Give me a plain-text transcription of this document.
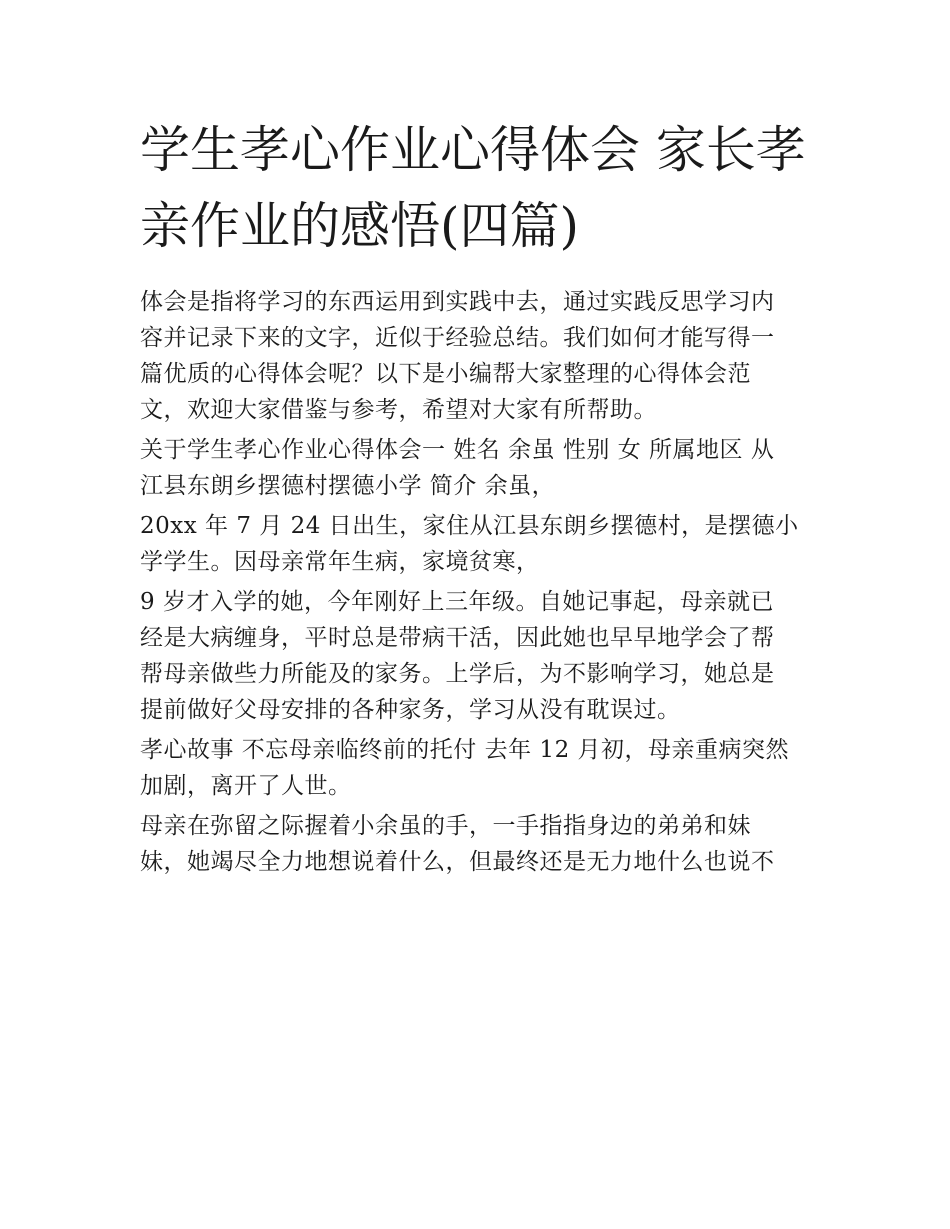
学生孝心作业心得体会 家长孝
亲作业的感悟(四篇)

体会是指将学习的东西运用到实践中去，通过实践反思学习内
容并记录下来的文字，近似于经验总结。我们如何才能写得一
篇优质的心得体会呢？以下是小编帮大家整理的心得体会范
文，欢迎大家借鉴与参考，希望对大家有所帮助。

关于学生孝心作业心得体会一 姓名 余虽 性别 女 所属地区 从
江县东朗乡摆德村摆德小学 简介 余虽，

20xx 年 7 月 24 日出生，家住从江县东朗乡摆德村，是摆德小
学学生。因母亲常年生病，家境贫寒，

9 岁才入学的她，今年刚好上三年级。自她记事起，母亲就已
经是大病缠身，平时总是带病干活，因此她也早早地学会了帮
帮母亲做些力所能及的家务。上学后，为不影响学习，她总是
提前做好父母安排的各种家务，学习从没有耽误过。

孝心故事 不忘母亲临终前的托付 去年 12 月初，母亲重病突然
加剧，离开了人世。

母亲在弥留之际握着小余虽的手，一手指指身边的弟弟和妹
妹，她竭尽全力地想说着什么，但最终还是无力地什么也说不
